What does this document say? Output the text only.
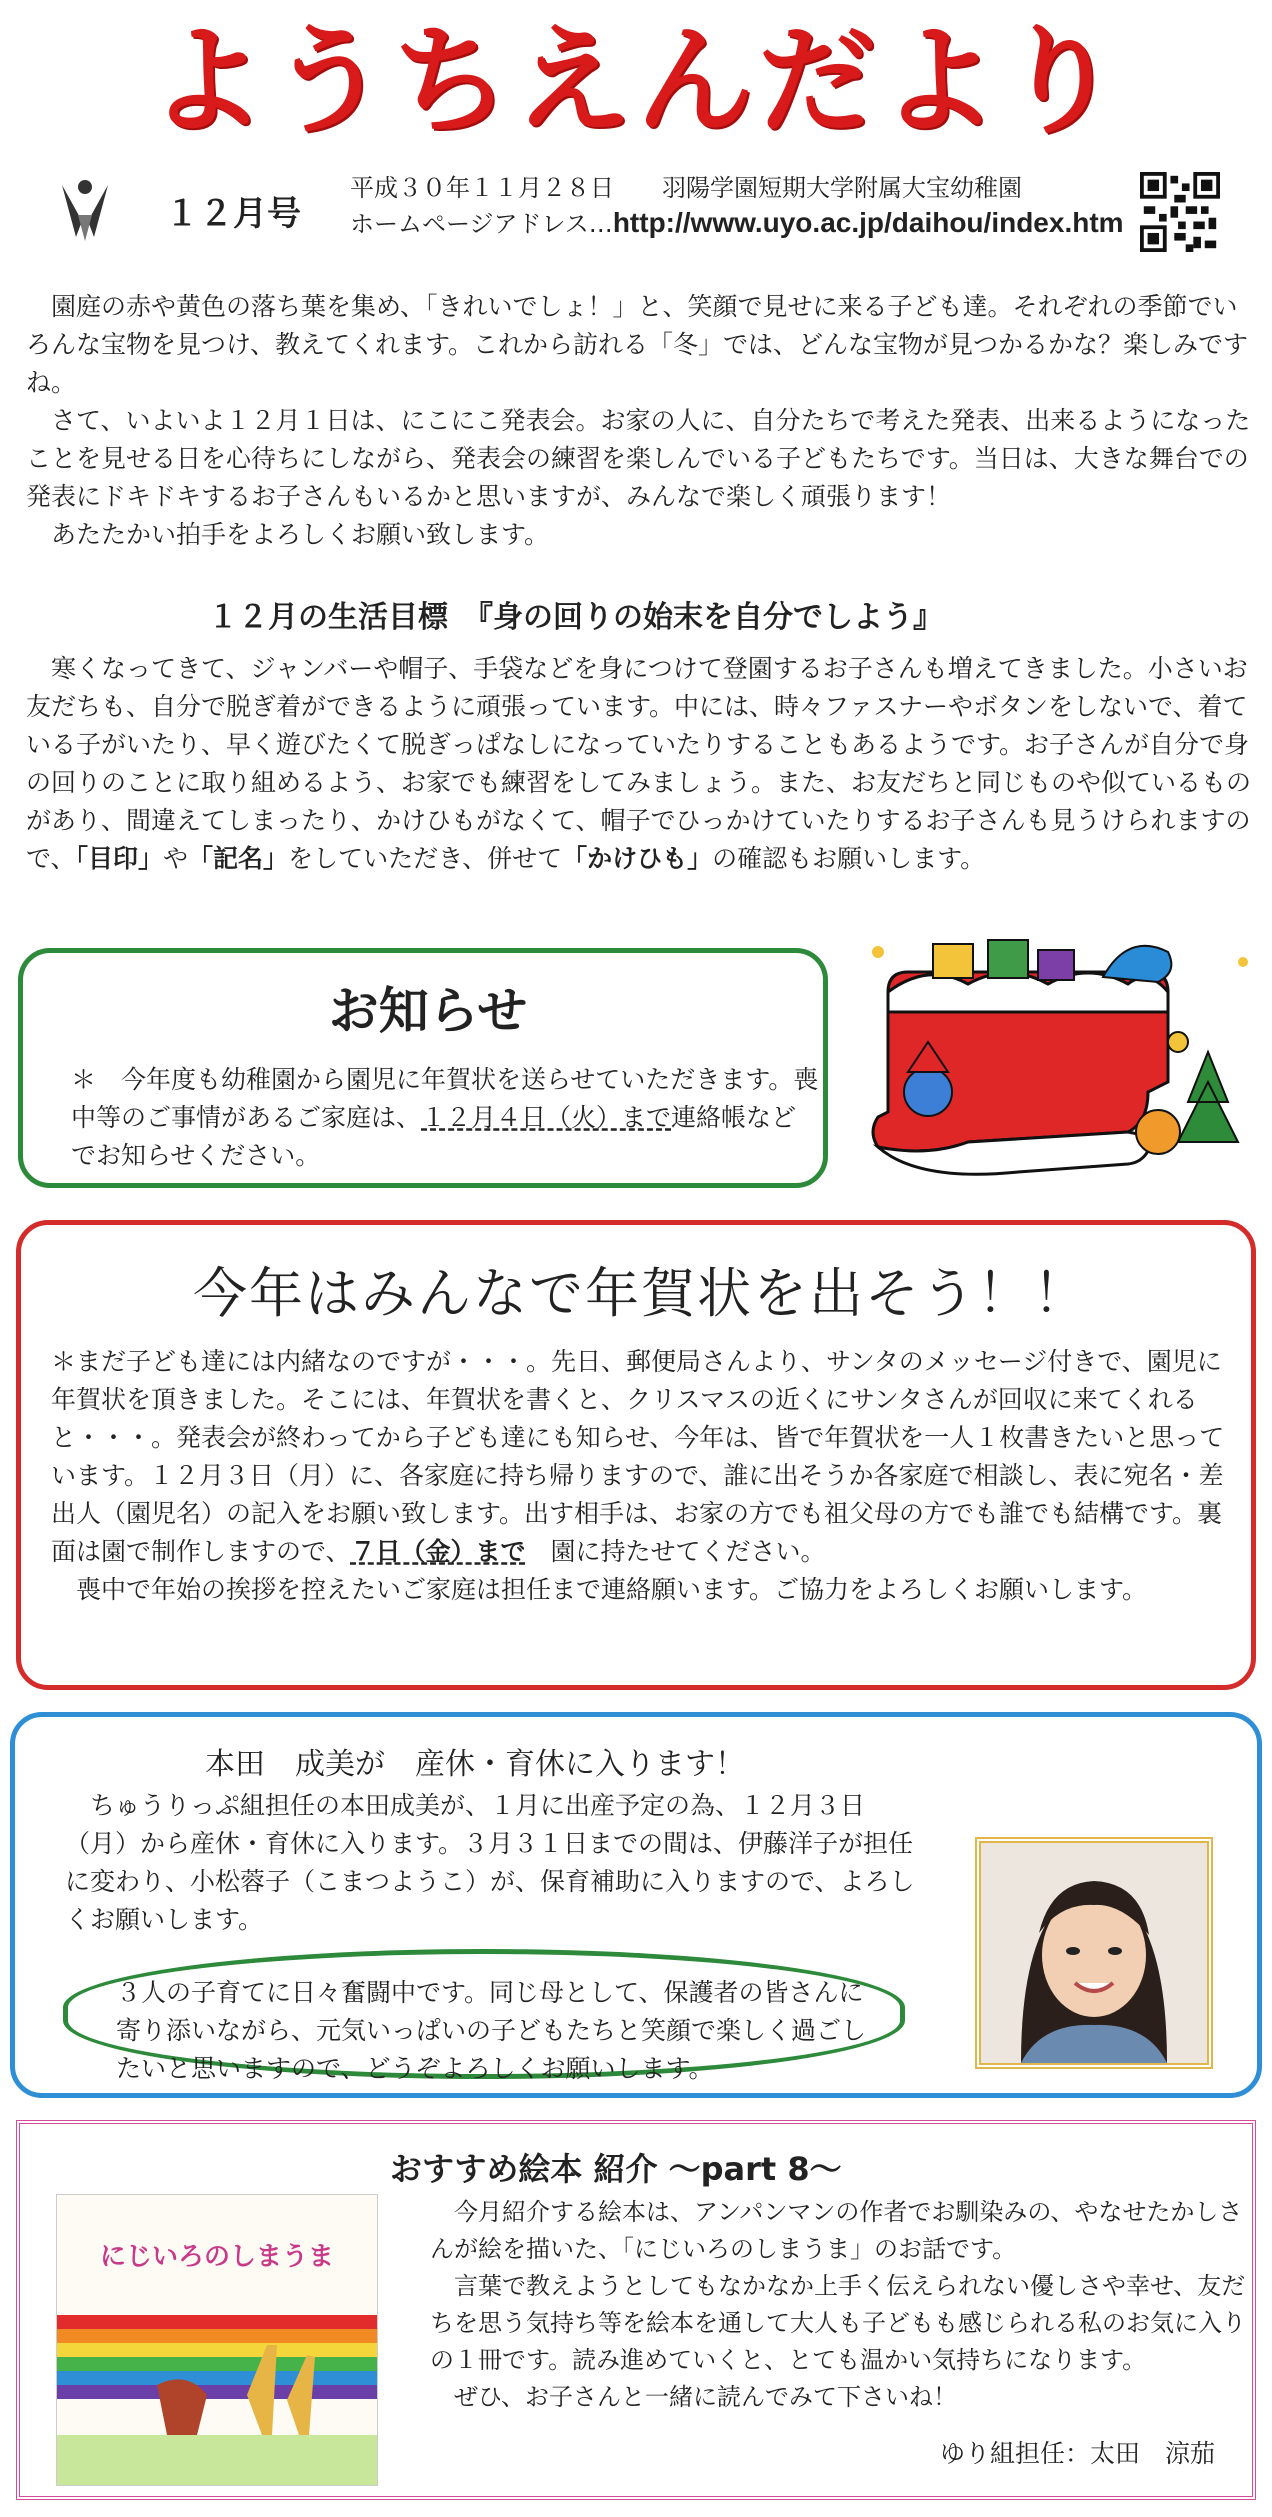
ようちえんだより
１２月号
平成３０年１１月２８日　　羽陽学園短期大学附属大宝幼稚園
ホームページアドレス…http://www.uyo.ac.jp/daihou/index.htm
　園庭の赤や黄色の落ち葉を集め、「きれいでしょ！」と、笑顔で見せに来る子ども達。それぞれの季節でいろんな宝物を見つけ、教えてくれます。これから訪れる「冬」では、どんな宝物が見つかるかな？楽しみですね。
　さて、いよいよ１２月１日は、にこにこ発表会。お家の人に、自分たちで考えた発表、出来るようになったことを見せる日を心待ちにしながら、発表会の練習を楽しんでいる子どもたちです。当日は、大きな舞台での発表にドキドキするお子さんもいるかと思いますが、みんなで楽しく頑張ります！
　あたたかい拍手をよろしくお願い致します。
１２月の生活目標　『身の回りの始末を自分でしよう』
　寒くなってきて、ジャンバーや帽子、手袋などを身につけて登園するお子さんも増えてきました。小さいお友だちも、自分で脱ぎ着ができるように頑張っています。中には、時々ファスナーやボタンをしないで、着ている子がいたり、早く遊びたくて脱ぎっぱなしになっていたりすることもあるようです。お子さんが自分で身の回りのことに取り組めるよう、お家でも練習をしてみましょう。また、お友だちと同じものや似ているものがあり、間違えてしまったり、かけひもがなくて、帽子でひっかけていたりするお子さんも見うけられますので、「目印」や「記名」をしていただき、併せて「かけひも」の確認もお願いします。
お知らせ
＊　今年度も幼稚園から園児に年賀状を送らせていただきます。喪中等のご事情があるご家庭は、１２月４日（火）まで連絡帳などでお知らせください。
今年はみんなで年賀状を出そう！！
＊まだ子ども達には内緒なのですが・・・。先日、郵便局さんより、サンタのメッセージ付きで、園児に年賀状を頂きました。そこには、年賀状を書くと、クリスマスの近くにサンタさんが回収に来てくれると・・・。発表会が終わってから子ども達にも知らせ、今年は、皆で年賀状を一人１枚書きたいと思っています。１２月３日（月）に、各家庭に持ち帰りますので、誰に出そうか各家庭で相談し、表に宛名・差出人（園児名）の記入をお願い致します。出す相手は、お家の方でも祖父母の方でも誰でも結構です。裏面は園で制作しますので、７日（金）まで　園に持たせてください。
　喪中で年始の挨拶を控えたいご家庭は担任まで連絡願います。ご協力をよろしくお願いします。
本田　成美が　産休・育休に入ります！
　ちゅうりっぷ組担任の本田成美が、１月に出産予定の為、１２月３日（月）から産休・育休に入ります。３月３１日までの間は、伊藤洋子が担任に変わり、小松蓉子（こまつようこ）が、保育補助に入りますので、よろしくお願いします。
３人の子育てに日々奮闘中です。同じ母として、保護者の皆さんに寄り添いながら、元気いっぱいの子どもたちと笑顔で楽しく過ごしたいと思いますので、どうぞよろしくお願いします。
おすすめ絵本 紹介 ～part 8～
にじいろのしまうま
　今月紹介する絵本は、アンパンマンの作者でお馴染みの、やなせたかしさんが絵を描いた、「にじいろのしまうま」のお話です。
　言葉で教えようとしてもなかなか上手く伝えられない優しさや幸せ、友だちを思う気持ち等を絵本を通して大人も子どもも感じられる私のお気に入りの１冊です。読み進めていくと、とても温かい気持ちになります。
　ぜひ、お子さんと一緒に読んでみて下さいね！
ゆり組担任：太田　涼茄
